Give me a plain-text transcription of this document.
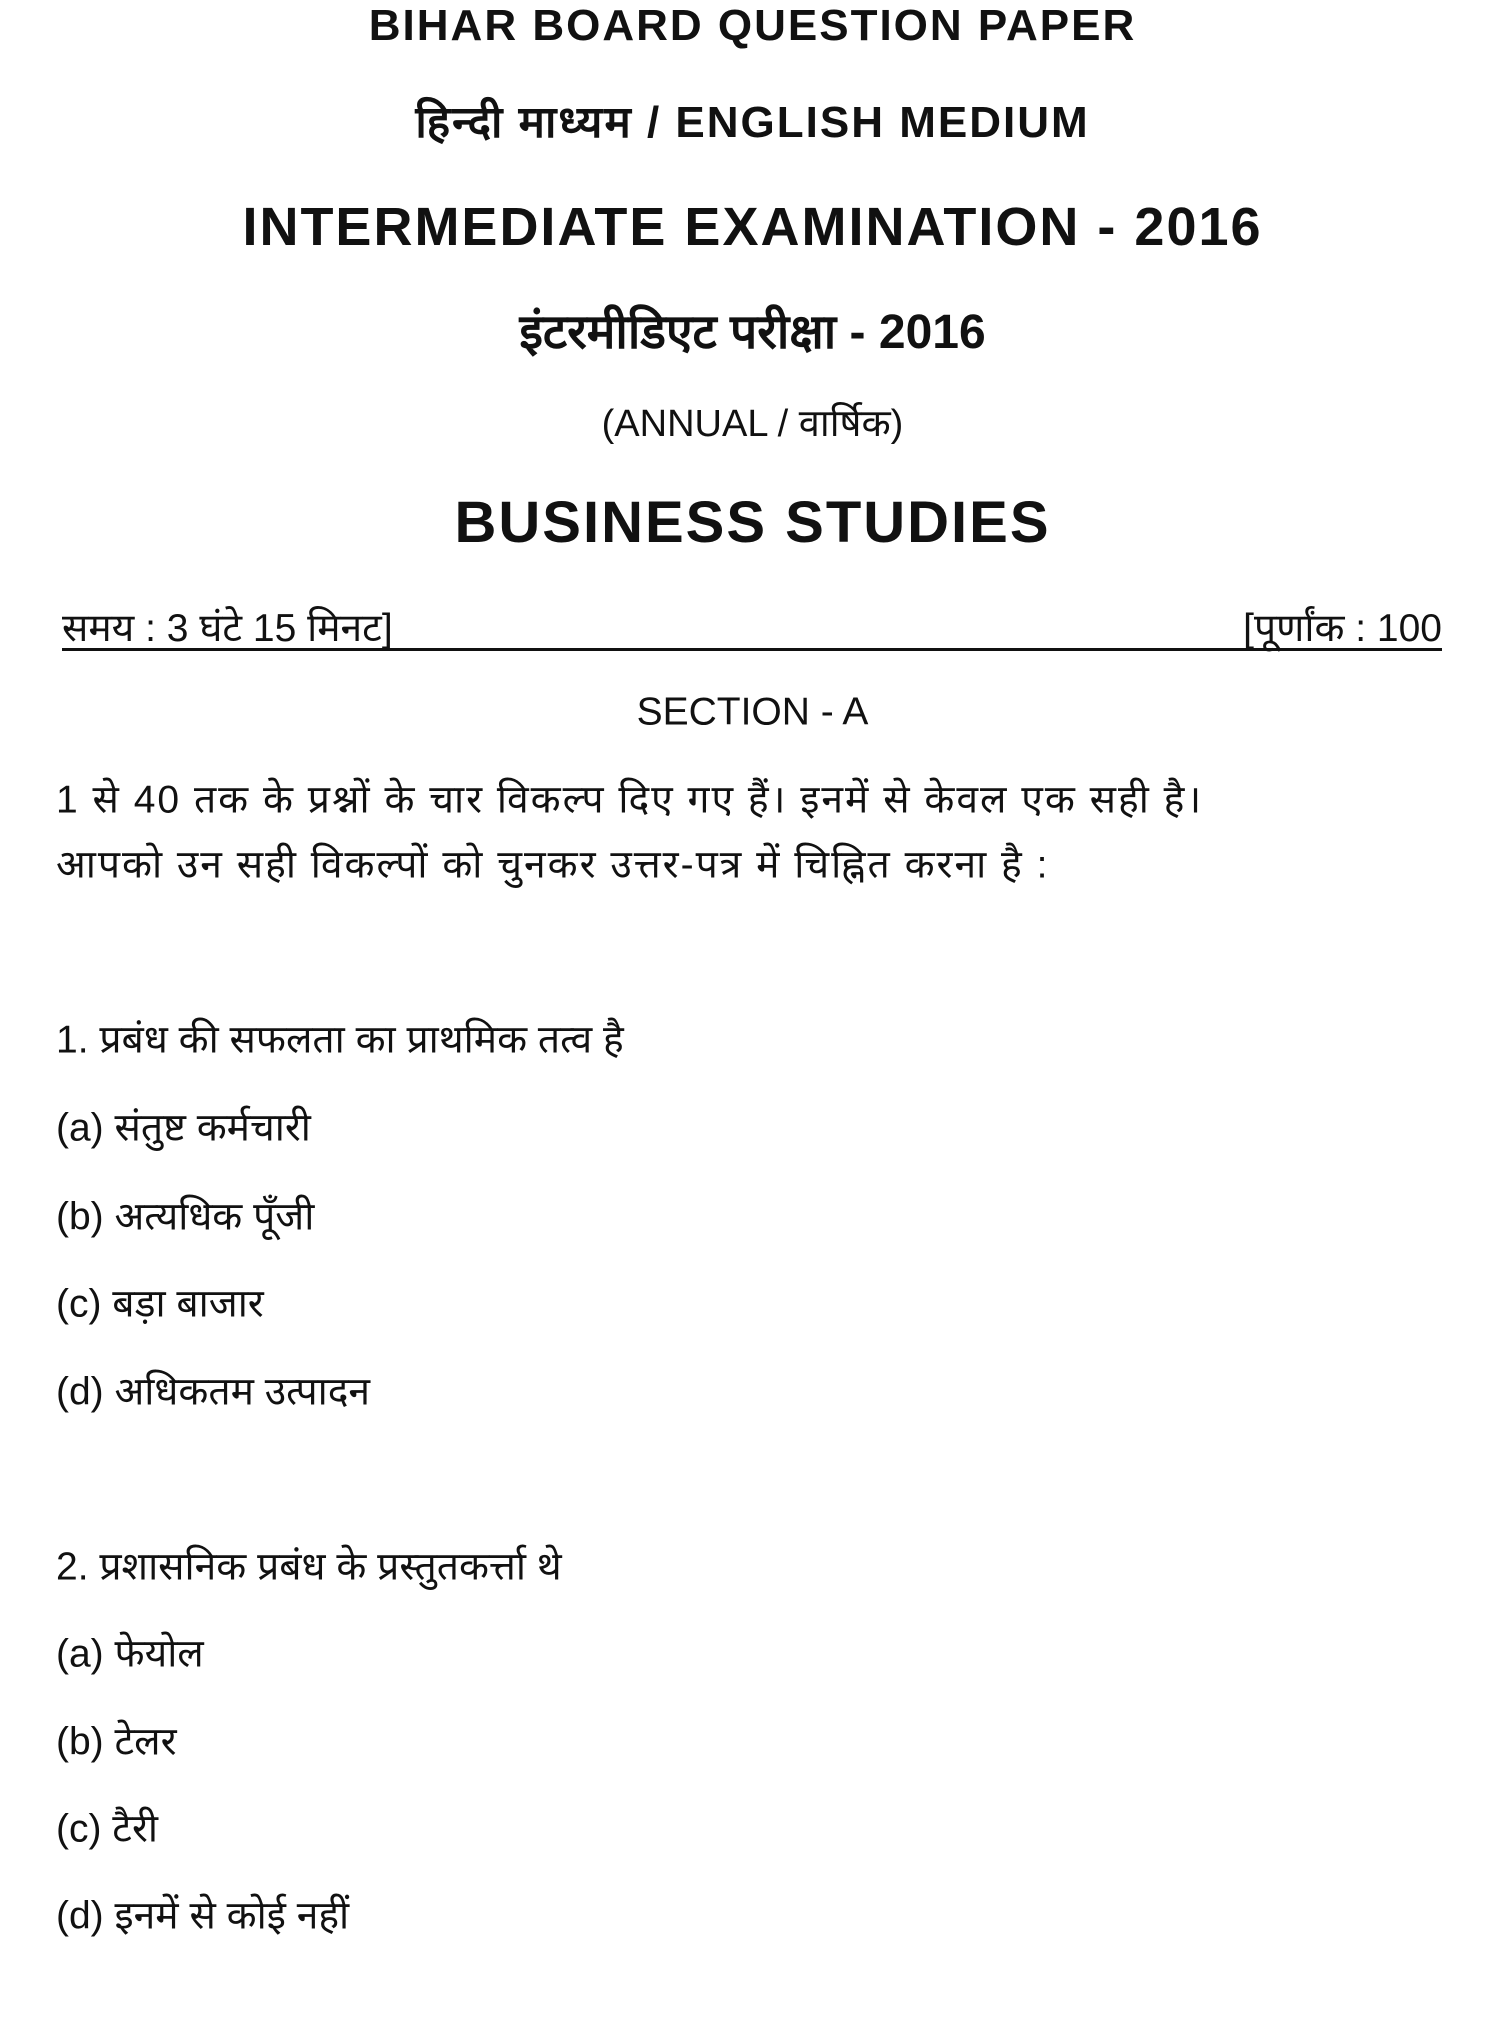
BIHAR BOARD QUESTION PAPER
हिन्दी माध्यम / ENGLISH MEDIUM
INTERMEDIATE EXAMINATION - 2016
इंटरमीडिएट परीक्षा - 2016
(ANNUAL / वार्षिक)
BUSINESS STUDIES
समय : 3 घंटे 15 मिनट]	[पूर्णांक : 100
SECTION - A
1 से 40 तक के प्रश्नों के चार विकल्प दिए गए हैं। इनमें से केवल एक सही है।
आपको उन सही विकल्पों को चुनकर उत्तर-पत्र में चिह्नित करना है :
1. प्रबंध की सफलता का प्राथमिक तत्व है
(a) संतुष्ट कर्मचारी
(b) अत्यधिक पूँजी
(c) बड़ा बाजार
(d) अधिकतम उत्पादन
2. प्रशासनिक प्रबंध के प्रस्तुतकर्त्ता थे
(a) फेयोल
(b) टेलर
(c) टैरी
(d) इनमें से कोई नहीं
